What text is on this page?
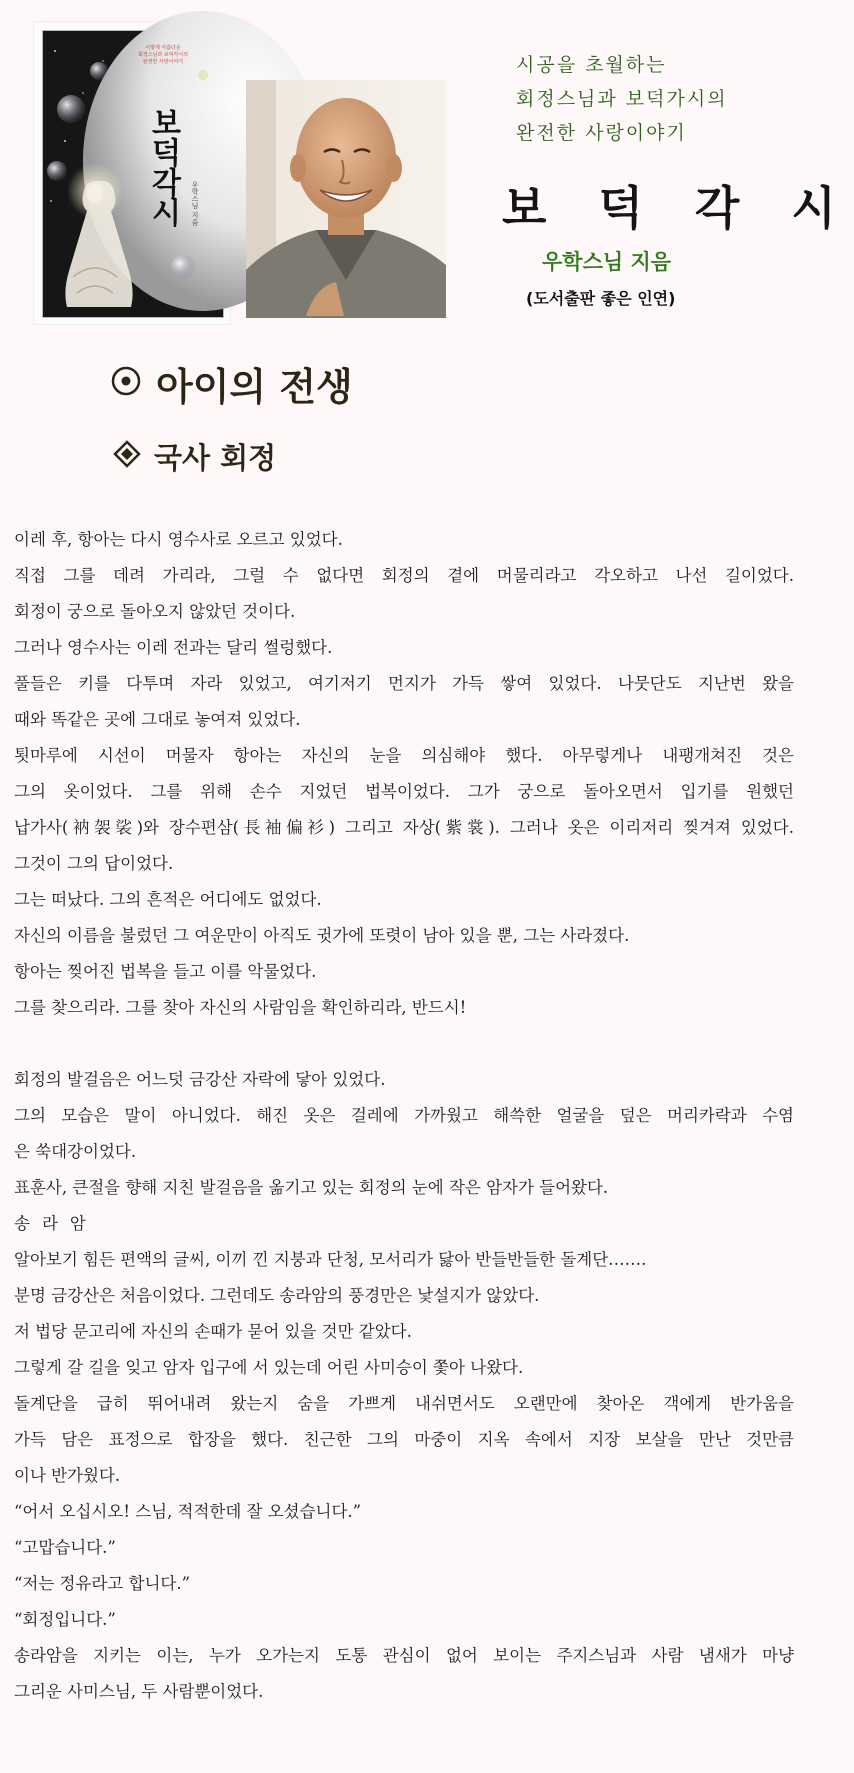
이렇게 아름다운
회정스님과 보덕각시의
완전한 사랑이야기
보덕각시 우학스님 지음
시공을 초월하는
회정스님과 보덕가시의
완전한 사랑이야기
보 덕 각 시
우학스님 지음
(도서출판 좋은 인연)
아이의 전생
국사 회정
이레 후, 항아는 다시 영수사로 오르고 있었다.
직접 그를 데려 가리라, 그럴 수 없다면 회정의 곁에 머물리라고 각오하고 나선 길이었다.
회정이 궁으로 돌아오지 않았던 것이다.
그러나 영수사는 이레 전과는 달리 썰렁했다.
풀들은 키를 다투며 자라 있었고, 여기저기 먼지가 가득 쌓여 있었다. 나뭇단도 지난번 왔을
때와 똑같은 곳에 그대로 놓여져 있었다.
툇마루에 시선이 머물자 항아는 자신의 눈을 의심해야 했다. 아무렇게나 내팽개쳐진 것은
그의 옷이었다. 그를 위해 손수 지었던 법복이었다. 그가 궁으로 돌아오면서 입기를 원했던
납가사(衲袈裟)와 장수편삼(長袖偏衫) 그리고 자상(紫裳). 그러나 옷은 이리저리 찢겨져 있었다.
그것이 그의 답이었다.
그는 떠났다. 그의 흔적은 어디에도 없었다.
자신의 이름을 불렀던 그 여운만이 아직도 귓가에 또렷이 남아 있을 뿐, 그는 사라졌다.
항아는 찢어진 법복을 들고 이를 악물었다.
그를 찾으리라. 그를 찾아 자신의 사람임을 확인하리라, 반드시!
회정의 발걸음은 어느덧 금강산 자락에 닿아 있었다.
그의 모습은 말이 아니었다. 해진 옷은 걸레에 가까웠고 해쓱한 얼굴을 덮은 머리카락과 수염
은 쑥대강이었다.
표훈사, 큰절을 향해 지친 발걸음을 옮기고 있는 회정의 눈에 작은 암자가 들어왔다.
송라암
알아보기 힘든 편액의 글씨, 이끼 낀 지붕과 단청, 모서리가 닳아 반들반들한 돌계단…….
분명 금강산은 처음이었다. 그런데도 송라암의 풍경만은 낯설지가 않았다.
저 법당 문고리에 자신의 손때가 묻어 있을 것만 같았다.
그렇게 갈 길을 잊고 암자 입구에 서 있는데 어린 사미승이 쫓아 나왔다.
돌계단을 급히 뛰어내려 왔는지 숨을 가쁘게 내쉬면서도 오랜만에 찾아온 객에게 반가움을
가득 담은 표정으로 합장을 했다. 친근한 그의 마중이 지옥 속에서 지장 보살을 만난 것만큼
이나 반가웠다.
“어서 오십시오! 스님, 적적한데 잘 오셨습니다.”
“고맙습니다.”
“저는 정유라고 합니다.”
“회정입니다.”
송라암을 지키는 이는, 누가 오가는지 도통 관심이 없어 보이는 주지스님과 사람 냄새가 마냥
그리운 사미스님, 두 사람뿐이었다.
